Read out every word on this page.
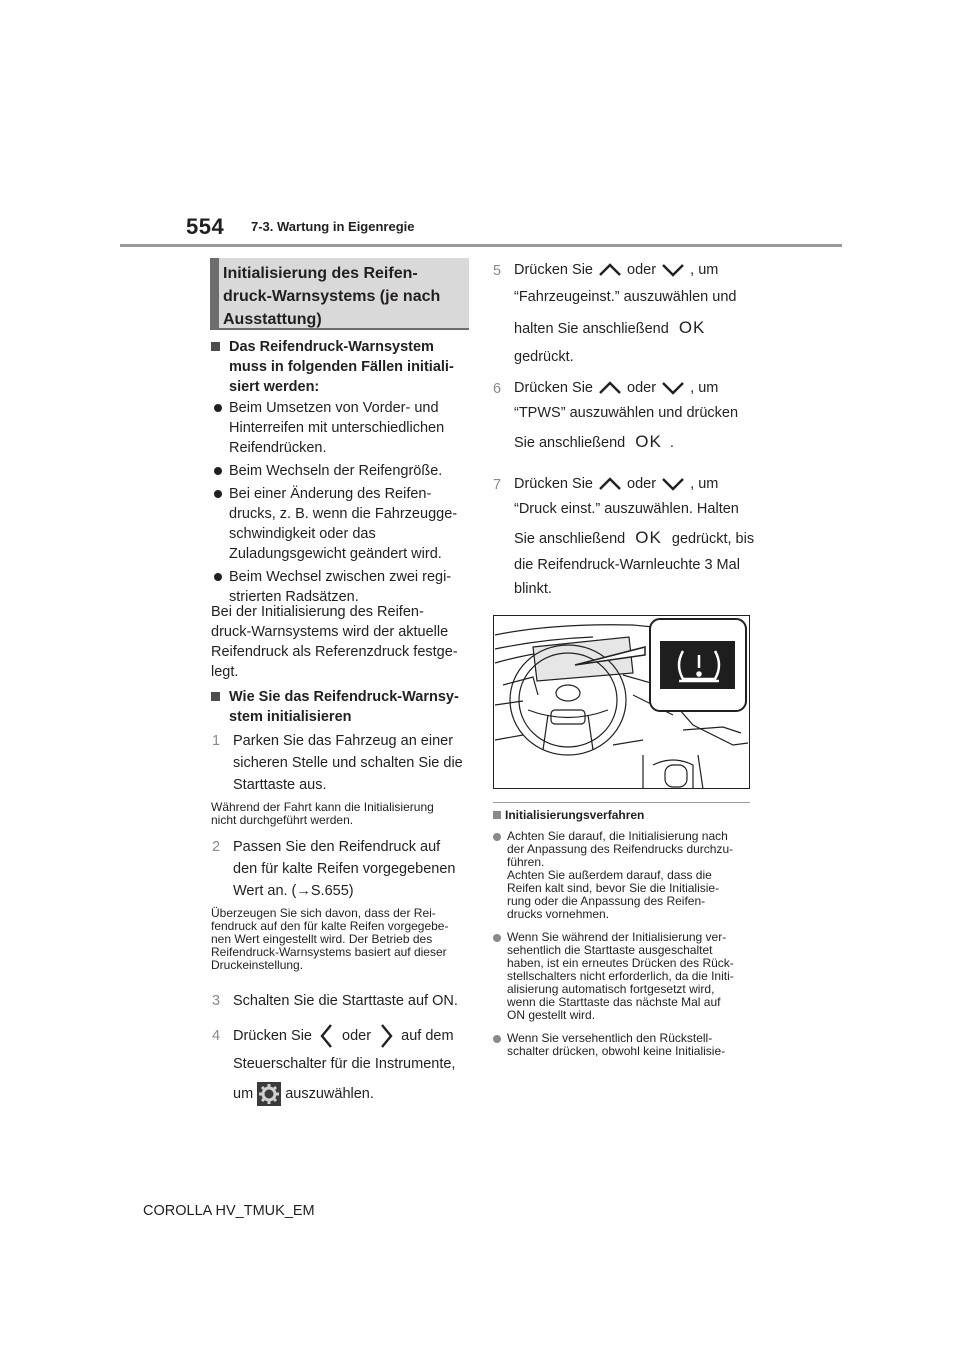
554 7-3. Wartung in Eigenregie
Initialisierung des Reifen-
druck-Warnsystems (je nach
Ausstattung)
Das Reifendruck-Warnsystem
muss in folgenden Fällen initiali-
siert werden:
Beim Umsetzen von Vorder- und
Hinterreifen mit unterschiedlichen
Reifendrücken.
Beim Wechseln der Reifengröße.
Bei einer Änderung des Reifen-
drucks, z. B. wenn die Fahrzeugge-
schwindigkeit oder das
Zuladungsgewicht geändert wird.
Beim Wechsel zwischen zwei regi-
strierten Radsätzen.
Bei der Initialisierung des Reifen-
druck-Warnsystems wird der aktuelle
Reifendruck als Referenzdruck festge-
legt.
Wie Sie das Reifendruck-Warnsy-
stem initialisieren
1 Parken Sie das Fahrzeug an einer
sicheren Stelle und schalten Sie die
Starttaste aus.
Während der Fahrt kann die Initialisierung
nicht durchgeführt werden.
2 Passen Sie den Reifendruck auf
den für kalte Reifen vorgegebenen
Wert an. (→S.655)
Überzeugen Sie sich davon, dass der Rei-
fendruck auf den für kalte Reifen vorgegebe-
nen Wert eingestellt wird. Der Betrieb des
Reifendruck-Warnsystems basiert auf dieser
Druckeinstellung.
3 Schalten Sie die Starttaste auf ON.
4 Drücken Sie oder auf dem
Steuerschalter für die Instrumente,
um auszuwählen.
5 Drücken Sie oder , um
“Fahrzeugeinst.” auszuwählen und
halten Sie anschließend OK
gedrückt.
6 Drücken Sie oder , um
“TPWS” auszuwählen und drücken
Sie anschließend OK .
7 Drücken Sie oder , um
“Druck einst.” auszuwählen. Halten
Sie anschließend OK gedrückt, bis
die Reifendruck-Warnleuchte 3 Mal
blinkt.
Initialisierungsverfahren
Achten Sie darauf, die Initialisierung nach
der Anpassung des Reifendrucks durchzu-
führen.
Achten Sie außerdem darauf, dass die
Reifen kalt sind, bevor Sie die Initialisie-
rung oder die Anpassung des Reifen-
drucks vornehmen.
Wenn Sie während der Initialisierung ver-
sehentlich die Starttaste ausgeschaltet
haben, ist ein erneutes Drücken des Rück-
stellschalters nicht erforderlich, da die Initi-
alisierung automatisch fortgesetzt wird,
wenn die Starttaste das nächste Mal auf
ON gestellt wird.
Wenn Sie versehentlich den Rückstell-
schalter drücken, obwohl keine Initialisie-
COROLLA HV_TMUK_EM
